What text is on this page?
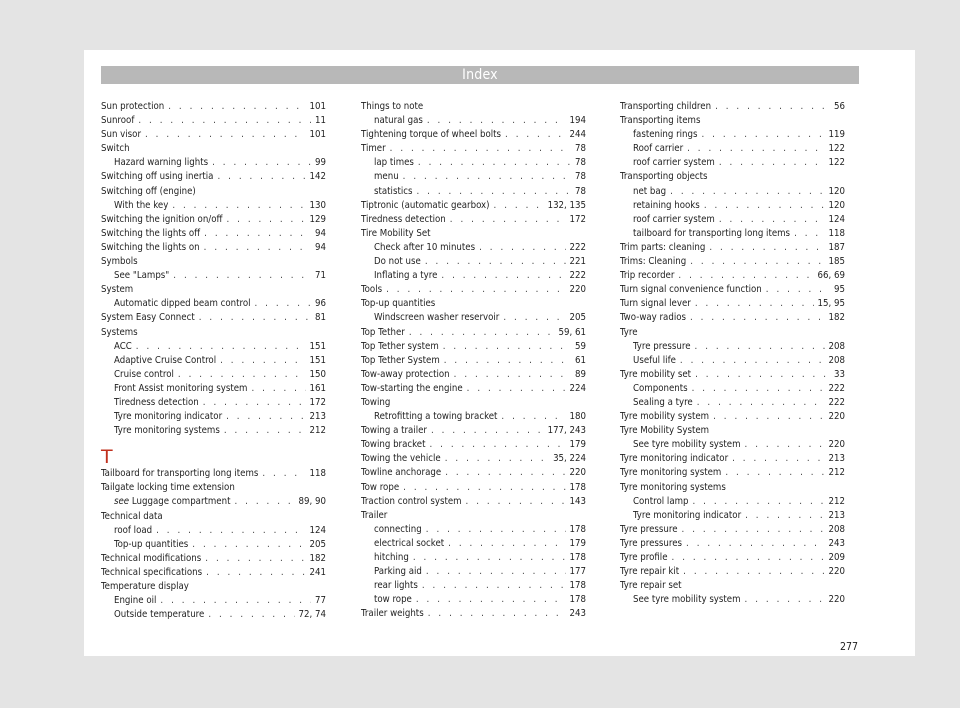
Index
Sun protection . . .	101
Sunroof . . .	11
Sun visor . . .	101
Switch
Hazard warning lights . . .	99
Switching off using inertia . . .	142
Switching off (engine)
With the key . . .	130
Switching the ignition on/off . . .	129
Switching the lights off . . .	94
Switching the lights on . . .	94
Symbols
See "Lamps" . . .	71
System
Automatic dipped beam control . . .	96
System Easy Connect . . .	81
Systems
ACC . . .	151
Adaptive Cruise Control . . .	151
Cruise control . . .	150
Front Assist monitoring system . . .	161
Tiredness detection . . .	172
Tyre monitoring indicator . . .	213
Tyre monitoring systems . . .	212
T
Tailboard for transporting long items . . .	118
Tailgate locking time extension
see Luggage compartment . . .	89, 90
Technical data
roof load . . .	124
Top-up quantities . . .	205
Technical modifications . . .	182
Technical specifications . . .	241
Temperature display
Engine oil . . .	77
Outside temperature . . .	72, 74
Things to note
natural gas . . .	194
Tightening torque of wheel bolts . . .	244
Timer . . .	78
lap times . . .	78
menu . . .	78
statistics . . .	78
Tiptronic (automatic gearbox) . . .	132, 135
Tiredness detection . . .	172
Tire Mobility Set
Check after 10 minutes . . .	222
Do not use . . .	221
Inflating a tyre . . .	222
Tools . . .	220
Top-up quantities
Windscreen washer reservoir . . .	205
Top Tether . . .	59, 61
Top Tether system . . .	59
Top Tether System . . .	61
Tow-away protection . . .	89
Tow-starting the engine . . .	224
Towing
Retrofitting a towing bracket . . .	180
Towing a trailer . . .	177, 243
Towing bracket . . .	179
Towing the vehicle . . .	35, 224
Towline anchorage . . .	220
Tow rope . . .	178
Traction control system . . .	143
Trailer
connecting . . .	178
electrical socket . . .	179
hitching . . .	178
Parking aid . . .	177
rear lights . . .	178
tow rope . . .	178
Trailer weights . . .	243
Transporting children . . .	56
Transporting items
fastening rings . . .	119
Roof carrier . . .	122
roof carrier system . . .	122
Transporting objects
net bag . . .	120
retaining hooks . . .	120
roof carrier system . . .	124
tailboard for transporting long items . . .	118
Trim parts: cleaning . . .	187
Trims: Cleaning . . .	185
Trip recorder . . .	66, 69
Turn signal convenience function . . .	95
Turn signal lever . . .	15, 95
Two-way radios . . .	182
Tyre
Tyre pressure . . .	208
Useful life . . .	208
Tyre mobility set . . .	33
Components . . .	222
Sealing a tyre . . .	222
Tyre mobility system . . .	220
Tyre Mobility System
See tyre mobility system . . .	220
Tyre monitoring indicator . . .	213
Tyre monitoring system . . .	212
Tyre monitoring systems
Control lamp . . .	212
Tyre monitoring indicator . . .	213
Tyre pressure . . .	208
Tyre pressures . . .	243
Tyre profile . . .	209
Tyre repair kit . . .	220
Tyre repair set
See tyre mobility system . . .	220
277
